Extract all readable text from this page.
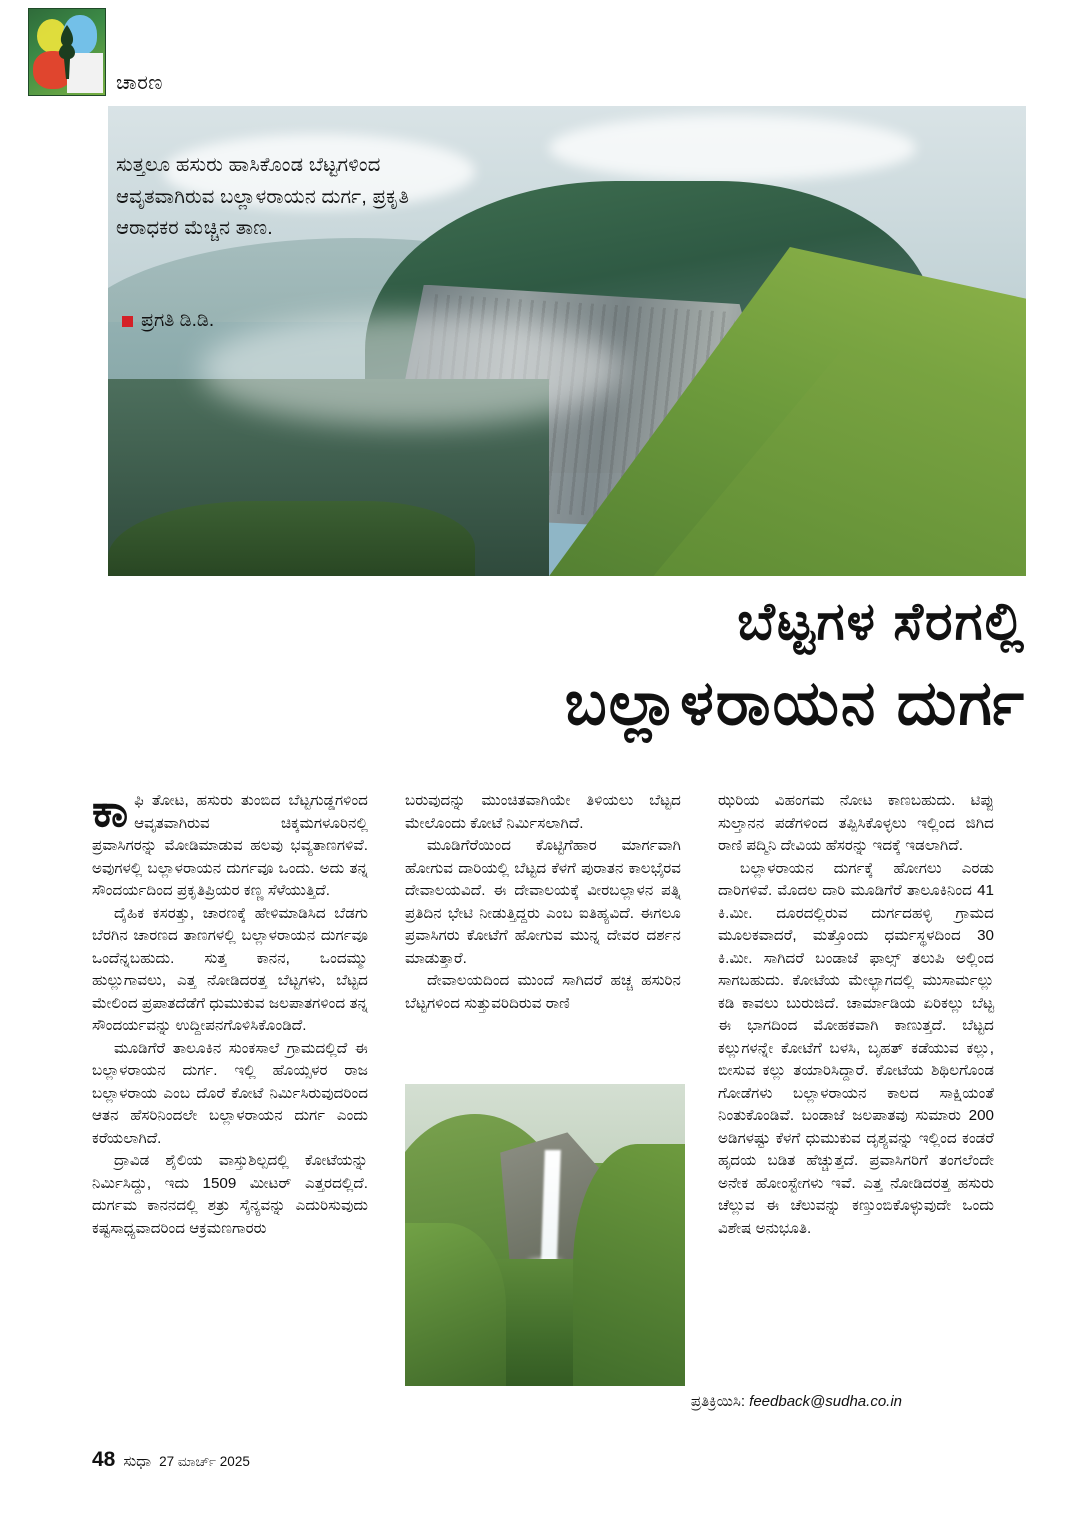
ಚಾರಣ
ಸುತ್ತಲೂ ಹಸುರು ಹಾಸಿಕೊಂಡ ಬೆಟ್ಟಗಳಿಂದ ಆವೃತವಾಗಿರುವ ಬಲ್ಲಾಳರಾಯನ ದುರ್ಗ, ಪ್ರಕೃತಿ ಆರಾಧಕರ ಮೆಚ್ಚಿನ ತಾಣ.
ಪ್ರಗತಿ ಡಿ.ಡಿ.
ಬೆಟ್ಟಗಳ ಸೆರಗಲ್ಲಿ
ಬಲ್ಲಾಳರಾಯನ ದುರ್ಗ

ಕಾಫಿ ತೋಟ, ಹಸುರು ತುಂಬಿದ ಬೆಟ್ಟಗುಡ್ಡಗಳಿಂದ ಆವೃತವಾಗಿರುವ ಚಿಕ್ಕಮಗಳೂರಿನಲ್ಲಿ ಪ್ರವಾಸಿಗರನ್ನು ಮೋಡಿಮಾಡುವ ಹಲವು ಭವ್ಯತಾಣಗಳಿವೆ. ಅವುಗಳಲ್ಲಿ ಬಲ್ಲಾಳರಾಯನ ದುರ್ಗವೂ ಒಂದು. ಅದು ತನ್ನ ಸೌಂದರ್ಯದಿಂದ ಪ್ರಕೃತಿಪ್ರಿಯರ ಕಣ್ಣ ಸೆಳೆಯುತ್ತಿದೆ.

ದೈಹಿಕ ಕಸರತ್ತು, ಚಾರಣಕ್ಕೆ ಹೇಳಿಮಾಡಿಸಿದ ಬೆಡಗು ಬೆರಗಿನ ಚಾರಣದ ತಾಣಗಳಲ್ಲಿ ಬಲ್ಲಾಳರಾಯನ ದುರ್ಗವೂ ಒಂದೆನ್ನಬಹುದು. ಸುತ್ತ ಕಾನನ, ಒಂದಮ್ಮು ಹುಲ್ಲುಗಾವಲು, ಎತ್ತ ನೋಡಿದರತ್ತ ಬೆಟ್ಟಗಳು, ಬೆಟ್ಟದ ಮೇಲಿಂದ ಪ್ರಪಾತದೆಡೆಗೆ ಧುಮುಕುವ ಜಲಪಾತಗಳಿಂದ ತನ್ನ ಸೌಂದರ್ಯವನ್ನು ಉದ್ದೀಪನಗೊಳಿಸಿಕೊಂಡಿದೆ.

ಮೂಡಿಗೆರೆ ತಾಲೂಕಿನ ಸುಂಕಸಾಲೆ ಗ್ರಾಮದಲ್ಲಿದೆ ಈ ಬಲ್ಲಾಳರಾಯನ ದುರ್ಗ. ಇಲ್ಲಿ ಹೊಯ್ಸಳರ ರಾಜ ಬಲ್ಲಾಳರಾಯ ಎಂಬ ದೊರೆ ಕೋಟೆ ನಿರ್ಮಿಸಿರುವುದರಿಂದ ಆತನ ಹೆಸರಿನಿಂದಲೇ ಬಲ್ಲಾಳರಾಯನ ದುರ್ಗ ಎಂದು ಕರೆಯಲಾಗಿದೆ.

ದ್ರಾವಿಡ ಶೈಲಿಯ ವಾಸ್ತುಶಿಲ್ಪದಲ್ಲಿ ಕೋಟೆಯನ್ನು ನಿರ್ಮಿಸಿದ್ದು, ಇದು 1509 ಮೀಟರ್ ಎತ್ತರದಲ್ಲಿದೆ. ದುರ್ಗಮ ಕಾನನದಲ್ಲಿ ಶತ್ರು ಸೈನ್ಯವನ್ನು ಎದುರಿಸುವುದು ಕಷ್ಟಸಾಧ್ಯವಾದರಿಂದ ಆಕ್ರಮಣಗಾರರು

ಬರುವುದನ್ನು ಮುಂಚಿತವಾಗಿಯೇ ತಿಳಿಯಲು ಬೆಟ್ಟದ ಮೇಲೊಂದು ಕೋಟೆ ನಿರ್ಮಿಸಲಾಗಿದೆ.

ಮೂಡಿಗೆರೆಯಿಂದ ಕೊಟ್ಟಿಗೆಹಾರ ಮಾರ್ಗವಾಗಿ ಹೋಗುವ ದಾರಿಯಲ್ಲಿ ಬೆಟ್ಟದ ಕೆಳಗೆ ಪುರಾತನ ಕಾಲಭೈರವ ದೇವಾಲಯವಿದೆ. ಈ ದೇವಾಲಯಕ್ಕೆ ವೀರಬಲ್ಲಾಳನ ಪತ್ನಿ ಪ್ರತಿದಿನ ಭೇಟಿ ನೀಡುತ್ತಿದ್ದರು ಎಂಬ ಐತಿಹ್ಯವಿದೆ. ಈಗಲೂ ಪ್ರವಾಸಿಗರು ಕೋಟೆಗೆ ಹೋಗುವ ಮುನ್ನ ದೇವರ ದರ್ಶನ ಮಾಡುತ್ತಾರೆ.

ದೇವಾಲಯದಿಂದ ಮುಂದೆ ಸಾಗಿದರೆ ಹಚ್ಚ ಹಸುರಿನ ಬೆಟ್ಟಗಳಿಂದ ಸುತ್ತುವರಿದಿರುವ ರಾಣಿ

ಝರಿಯ ವಿಹಂಗಮ ನೋಟ ಕಾಣಬಹುದು. ಟಿಪ್ಪು ಸುಲ್ತಾನನ ಪಡೆಗಳಿಂದ ತಪ್ಪಿಸಿಕೊಳ್ಳಲು ಇಲ್ಲಿಂದ ಜಿಗಿದ ರಾಣಿ ಪದ್ಮಿನಿ ದೇವಿಯ ಹೆಸರನ್ನು ಇದಕ್ಕೆ ಇಡಲಾಗಿದೆ.

ಬಲ್ಲಾಳರಾಯನ ದುರ್ಗಕ್ಕೆ ಹೋಗಲು ಎರಡು ದಾರಿಗಳಿವೆ. ಮೊದಲ ದಾರಿ ಮೂಡಿಗೆರೆ ತಾಲೂಕಿನಿಂದ 41 ಕಿ.ಮೀ. ದೂರದಲ್ಲಿರುವ ದುರ್ಗದಹಳ್ಳಿ ಗ್ರಾಮದ ಮೂಲಕವಾದರೆ, ಮತ್ತೊಂದು ಧರ್ಮಸ್ಥಳದಿಂದ 30 ಕಿ.ಮೀ. ಸಾಗಿದರೆ ಬಂಡಾಜೆ ಫಾಲ್ಸ್ ತಲುಪಿ ಅಲ್ಲಿಂದ ಸಾಗಬಹುದು. ಕೋಟೆಯ ಮೇಲ್ಭಾಗದಲ್ಲಿ ಮುಸಾರ್ಮಲ್ಲು ಕಡಿ ಕಾವಲು ಬುರುಜಿದೆ. ಚಾರ್ಮಾಡಿಯ ಏರಿಕಲ್ಲು ಬೆಟ್ಟ ಈ ಭಾಗದಿಂದ ಮೋಹಕವಾಗಿ ಕಾಣುತ್ತದೆ. ಬೆಟ್ಟದ ಕಲ್ಲುಗಳನ್ನೇ ಕೋಟೆಗೆ ಬಳಸಿ, ಬೃಹತ್ ಕಡೆಯುವ ಕಲ್ಲು, ಬೀಸುವ ಕಲ್ಲು ತಯಾರಿಸಿದ್ದಾರೆ. ಕೋಟೆಯ ಶಿಥಿಲಗೊಂಡ ಗೋಡೆಗಳು ಬಲ್ಲಾಳರಾಯನ ಕಾಲದ ಸಾಕ್ಷಿಯಂತೆ ನಿಂತುಕೊಂಡಿವೆ. ಬಂಡಾಜೆ ಜಲಪಾತವು ಸುಮಾರು 200 ಅಡಿಗಳಷ್ಟು ಕೆಳಗೆ ಧುಮುಕುವ ದೃಶ್ಯವನ್ನು ಇಲ್ಲಿಂದ ಕಂಡರೆ ಹೃದಯ ಬಡಿತ ಹೆಚ್ಚುತ್ತದೆ. ಪ್ರವಾಸಿಗರಿಗೆ ತಂಗಲೆಂದೇ ಅನೇಕ ಹೋಂಸ್ಟೇಗಳು ಇವೆ. ಎತ್ತ ನೋಡಿದರತ್ತ ಹಸುರು ಚೆಲ್ಲುವ ಈ ಚೆಲುವನ್ನು ಕಣ್ತುಂಬಿಕೊಳ್ಳುವುದೇ ಒಂದು ವಿಶೇಷ ಅನುಭೂತಿ.

ಪ್ರತಿಕ್ರಿಯಿಸಿ: feedback@sudha.co.in
48 ಸುಧಾ 27 ಮಾರ್ಚ್ 2025
